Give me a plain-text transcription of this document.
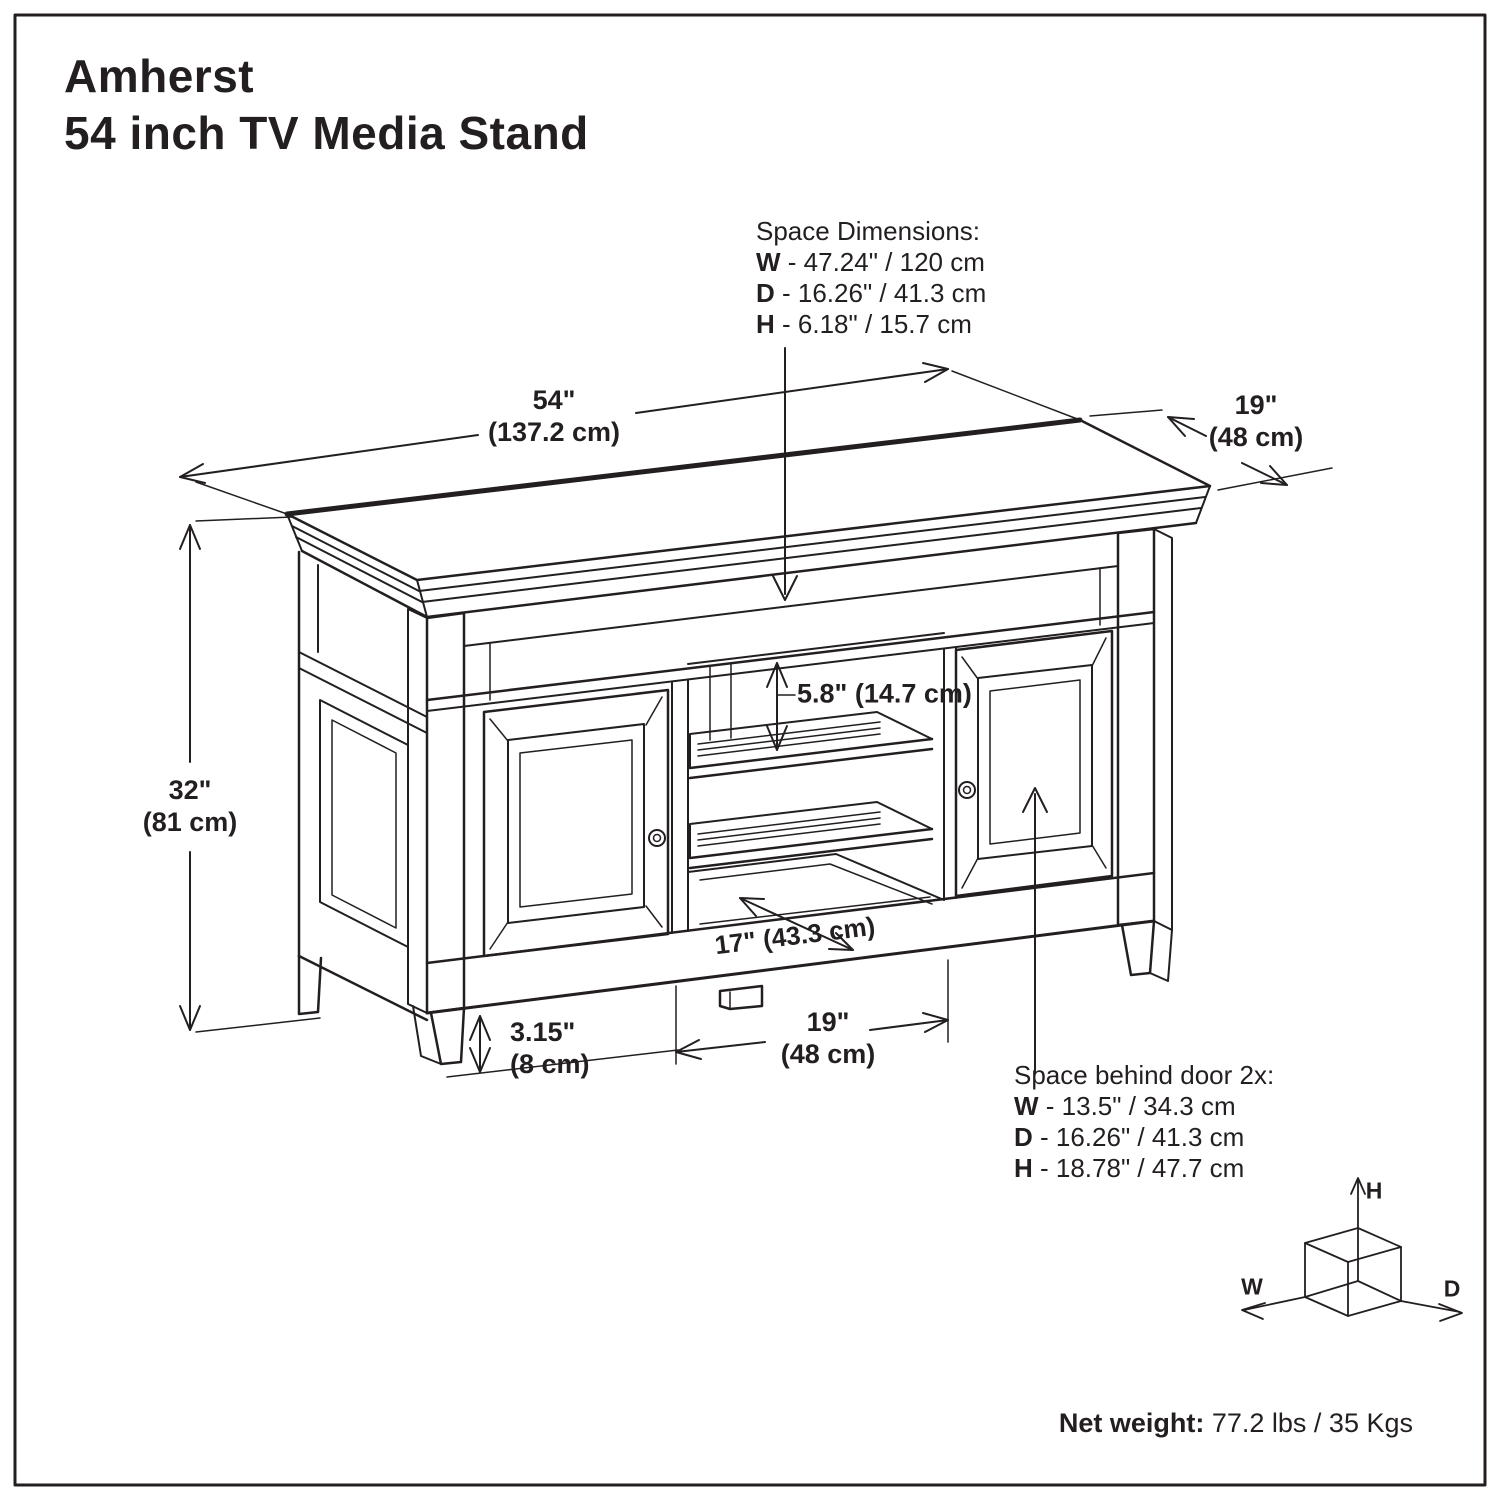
Amherst
54 inch TV Media Stand
Space Dimensions:
W - 47.24" / 120 cm
D - 16.26" / 41.3 cm
H - 6.18" / 15.7 cm
54"
(137.2 cm)
19"
(48 cm)
32"
(81 cm)
5.8" (14.7 cm)
17" (43.3 cm)
3.15"
(8 cm)
19"
(48 cm)
Space behind door 2x:
W - 13.5" / 34.3 cm
D - 16.26" / 41.3 cm
H - 18.78" / 47.7 cm
H
W	D
Net weight: 77.2 lbs / 35 Kgs
